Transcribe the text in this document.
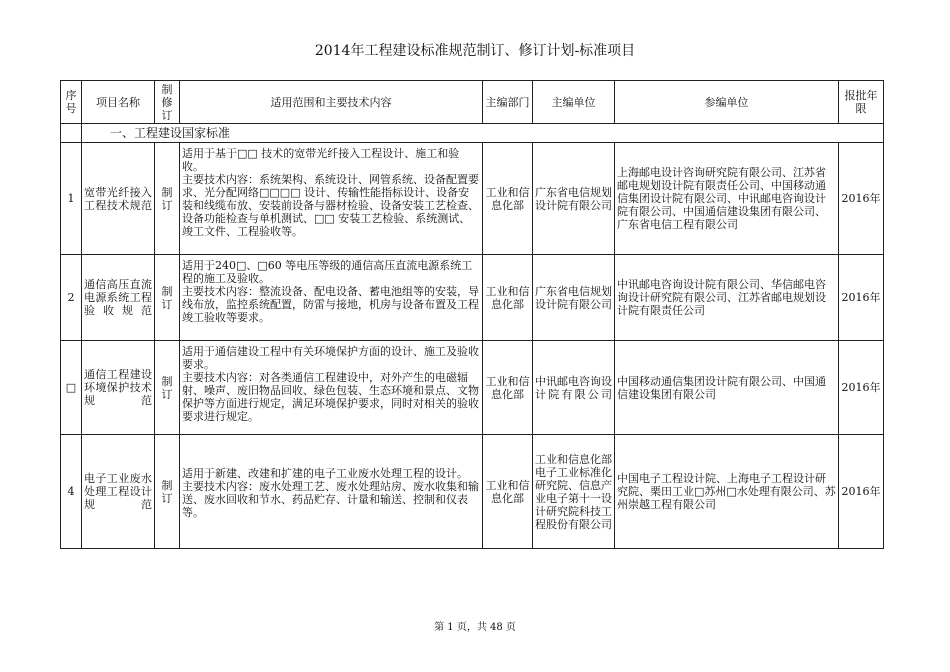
2014年工程建设标准规范制订、修订计划-标准项目
序号	项目名称	制修订	适用范围和主要技术内容	主编部门	主编单位	参编单位	报批年限
	一、工程建设国家标准						
1	宽带光纤接入工程技术规范	制订	适用于基于□□ 技术的宽带光纤接入工程设计、施工和验收。
主要技术内容：系统架构、系统设计、网管系统、设备配置要求、光分配网络□□□□ 设计、传输性能指标设计、设备安装和线缆布放、安装前设备与器材检验、设备安装工艺检查、设备功能检查与单机测试、□□ 安装工艺检验、系统测试、竣工文件、工程验收等。	工业和信息化部	广东省电信规划设计院有限公司	上海邮电设计咨询研究院有限公司、江苏省邮电规划设计院有限责任公司、中国移动通信集团设计院有限公司、中讯邮电咨询设计院有限公司、中国通信建设集团有限公司、广东省电信工程有限公司	2016年
2	通信高压直流电源系统工程验收规范	制订	适用于240□、□60 等电压等级的通信高压直流电源系统工程的施工及验收。
主要技术内容：整流设备、配电设备、蓄电池组等的安装，导线布放，监控系统配置，防雷与接地，机房与设备布置及工程竣工验收等要求。	工业和信息化部	广东省电信规划设计院有限公司	中讯邮电咨询设计院有限公司、华信邮电咨询设计研究院有限公司、江苏省邮电规划设计院有限责任公司	2016年
□	通信工程建设环境保护技术规范	制订	适用于通信建设工程中有关环境保护方面的设计、施工及验收要求。
主要技术内容：对各类通信工程建设中，对外产生的电磁辐射、噪声、废旧物品回收、绿色包装、生态环境和景点、文物保护等方面进行规定，满足环境保护要求，同时对相关的验收要求进行规定。	工业和信息化部	中讯邮电咨询设计院有限公司	中国移动通信集团设计院有限公司、中国通信建设集团有限公司	2016年
4	电子工业废水处理工程设计规范	制订	适用于新建、改建和扩建的电子工业废水处理工程的设计。
主要技术内容：废水处理工艺、废水处理站房、废水收集和输送、废水回收和节水、药品贮存、计量和输送、控制和仪表等。	工业和信息化部	工业和信息化部电子工业标准化研究院、信息产业电子第十一设计研究院科技工程股份有限公司	中国电子工程设计院、上海电子工程设计研究院、栗田工业□苏州□水处理有限公司、苏州崇越工程有限公司	2016年
第 1 页，共 48 页
